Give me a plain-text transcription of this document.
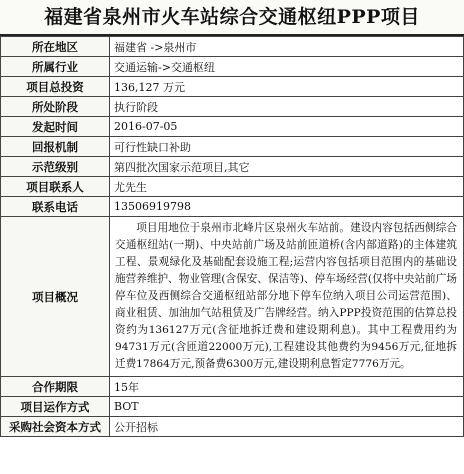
福建省泉州市火车站综合交通枢纽PPP项目
所在地区	福建省 ->泉州市
所属行业	交通运输->交通枢纽
项目总投资	136,127 万元
所处阶段	执行阶段
发起时间	2016-07-05
回报机制	可行性缺口补助
示范级别	第四批次国家示范项目,其它
项目联系人	尤先生
联系电话	13506919798
项目概况	项目用地位于泉州市北峰片区泉州火车站前。建设内容包括西侧综合交通枢纽站(一期)、中央站前广场及站前匝道桥(含内部道路)的主体建筑工程、景观绿化及基础配套设施工程;运营内容包括项目范围内的基础设施营养维护、物业管理(含保安、保洁等)、停车场经营(仅将中央站前广场停车位及西侧综合交通枢纽站部分地下停车位纳入项目公司运营范围)、商业租赁、加油加气站租赁及广告牌经营。纳入PPP投资范围的估算总投资约为136127万元(含征地拆迁费和建设期利息)。其中工程费用约为94731万元(含匝道22000万元),工程建设其他费约为9456万元,征地拆迁费17864万元,预备费6300万元,建设期利息暂定7776万元。
合作期限	15年
项目运作方式	BOT
采购社会资本方式	公开招标
